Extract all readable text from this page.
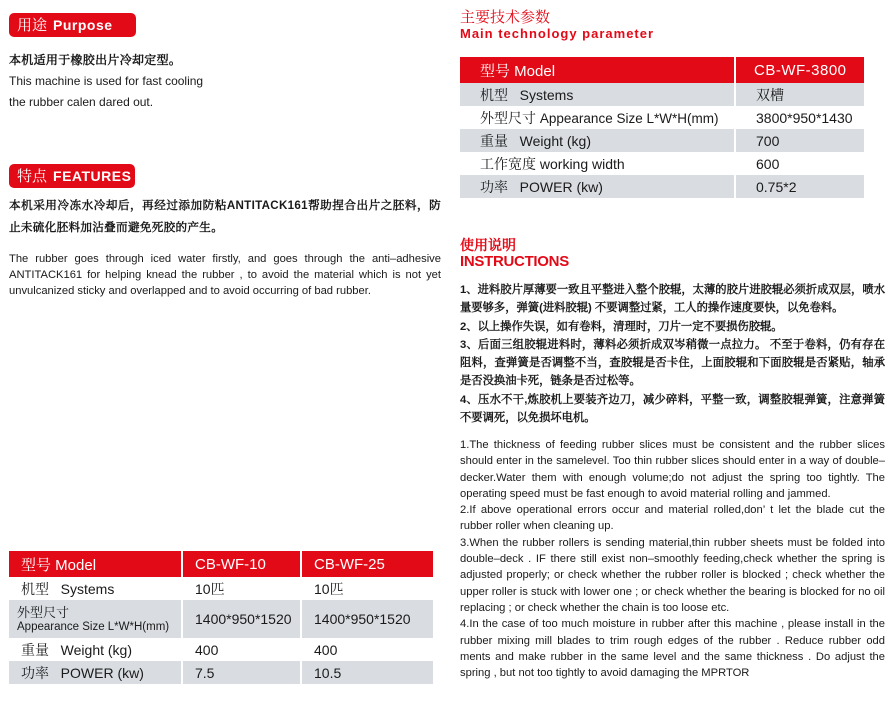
用途 Purpose
本机适用于橡胶出片冷却定型。
This machine is used for fast cooling
the rubber calen dared out.
特点 FEATURES
本机采用冷冻水冷却后，再经过添加防粘ANTITACK161帮助捏合出片之胚料，防止未硫化胚料加沾叠而避免死胶的产生。
The rubber goes through iced water firstly, and goes through the anti–adhesive ANTITACK161 for helping knead the rubber , to avoid the material which is not yet unvulcanized sticky and overlapped and to avoid occurring of bad rubber.
型号 Model	CB-WF-10	CB-WF-25
机型 Systems	10匹	10匹

外型尺寸
Appearance Size L*W*H(mm)	1400*950*1520	1400*950*1520
重量 Weight (kg)	400	400
功率 POWER (kw)	7.5	10.5
主要技术参数
Main technology parameter
型号 Model	CB-WF-3800
机型 Systems	双槽
外型尺寸 Appearance Size L*W*H(mm)	3800*950*1430
重量 Weight (kg)	700
工作宽度 working width	600
功率 POWER (kw)	0.75*2
使用说明
INSTRUCTIONS
1、进料胶片厚薄要一致且平整进入整个胶辊，太薄的胶片进胶辊必须折成双层，喷水量要够多，弹簧(进料胶辊) 不要调整过紧，工人的操作速度要快，以免卷料。
2、以上操作失误，如有卷料，清理时，刀片一定不要损伤胶辊。
3、后面三组胶辊进料时，薄料必须折成双岑稍微一点拉力。 不至于卷料，仍有存在阻料，查弹簧是否调整不当，查胶辊是否卡住，上面胶辊和下面胶辊是否紧贴，轴承是否没换油卡死，链条是否过松等。
4、压水不干,炼胶机上要装齐边刀，减少碎料，平整一致，调整胶辊弹簧，注意弹簧不要调死，以免损坏电机。
1.The thickness of feeding rubber slices must be consistent and the rubber slices should enter in the samelevel. Too thin rubber slices should enter in a way of double–decker.Water them with enough volume;do not adjust the spring too tightly. The operating speed must be fast enough to avoid material rolling and jammed.
2.If above operational errors occur and material rolled,don’ t let the blade cut the rubber roller when cleaning up.
3.When the rubber rollers is sending material,thin rubber sheets must be folded into double–deck . IF there still exist non–smoothly feeding,check whether the spring is adjusted properly; or check whether the rubber roller is blocked ; check whether the upper roller is stuck with lower one ; or check whether the bearing is blocked for no oil replacing ; or check whether the chain is too loose etc.
4.In the case of too much moisture in rubber after this machine , please install in the rubber mixing mill blades to trim rough edges of the rubber . Reduce rubber odd ments and make rubber in the same level and the same thickness . Do adjust the spring , but not too tightly to avoid damaging the MPRTOR
